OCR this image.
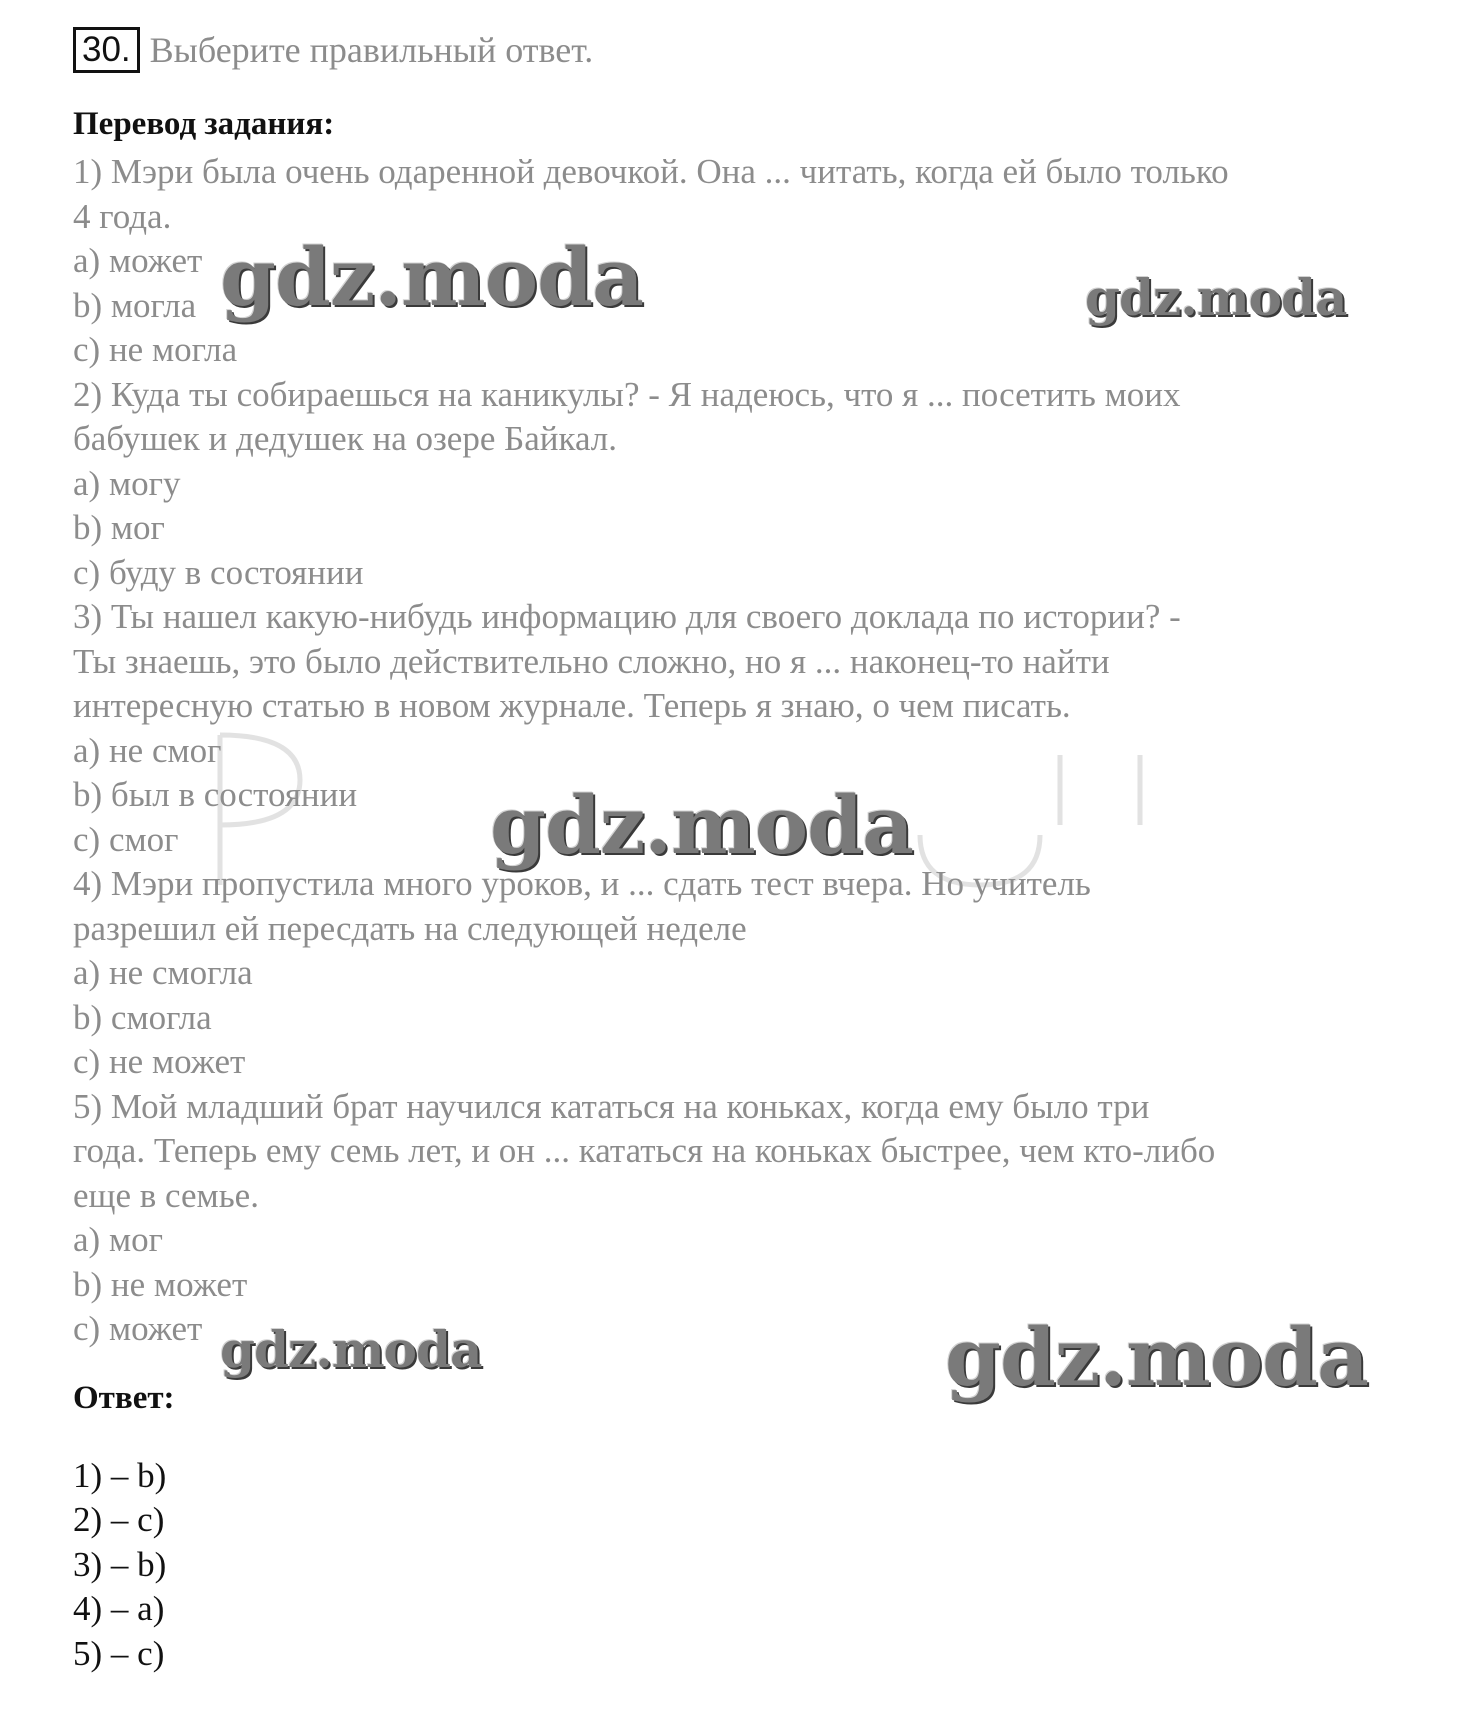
30. Выберите правильный ответ.
Перевод задания:
1) Мэри была очень одаренной девочкой. Она ... читать, когда ей было только
4 года.
a) может
b) могла
c) не могла
2) Куда ты собираешься на каникулы? - Я надеюсь, что я ... посетить моих
бабушек и дедушек на озере Байкал.
a) могу
b) мог
c) буду в состоянии
3) Ты нашел какую-нибудь информацию для своего доклада по истории? -
Ты знаешь, это было действительно сложно, но я ... наконец-то найти
интересную статью в новом журнале. Теперь я знаю, о чем писать.
a) не смог
b) был в состоянии
c) смог
4) Мэри пропустила много уроков, и ... сдать тест вчера. Но учитель
разрешил ей пересдать на следующей неделе
a) не смогла
b) смогла
c) не может
5) Мой младший брат научился кататься на коньках, когда ему было три
года. Теперь ему семь лет, и он ... кататься на коньках быстрее, чем кто-либо
еще в семье.
a) мог
b) не может
c) может
Ответ:
1) – b)
2) – c)
3) – b)
4) – a)
5) – c)
gdz.moda	gdz.moda
gdz.moda
gdz.moda	gdz.moda
